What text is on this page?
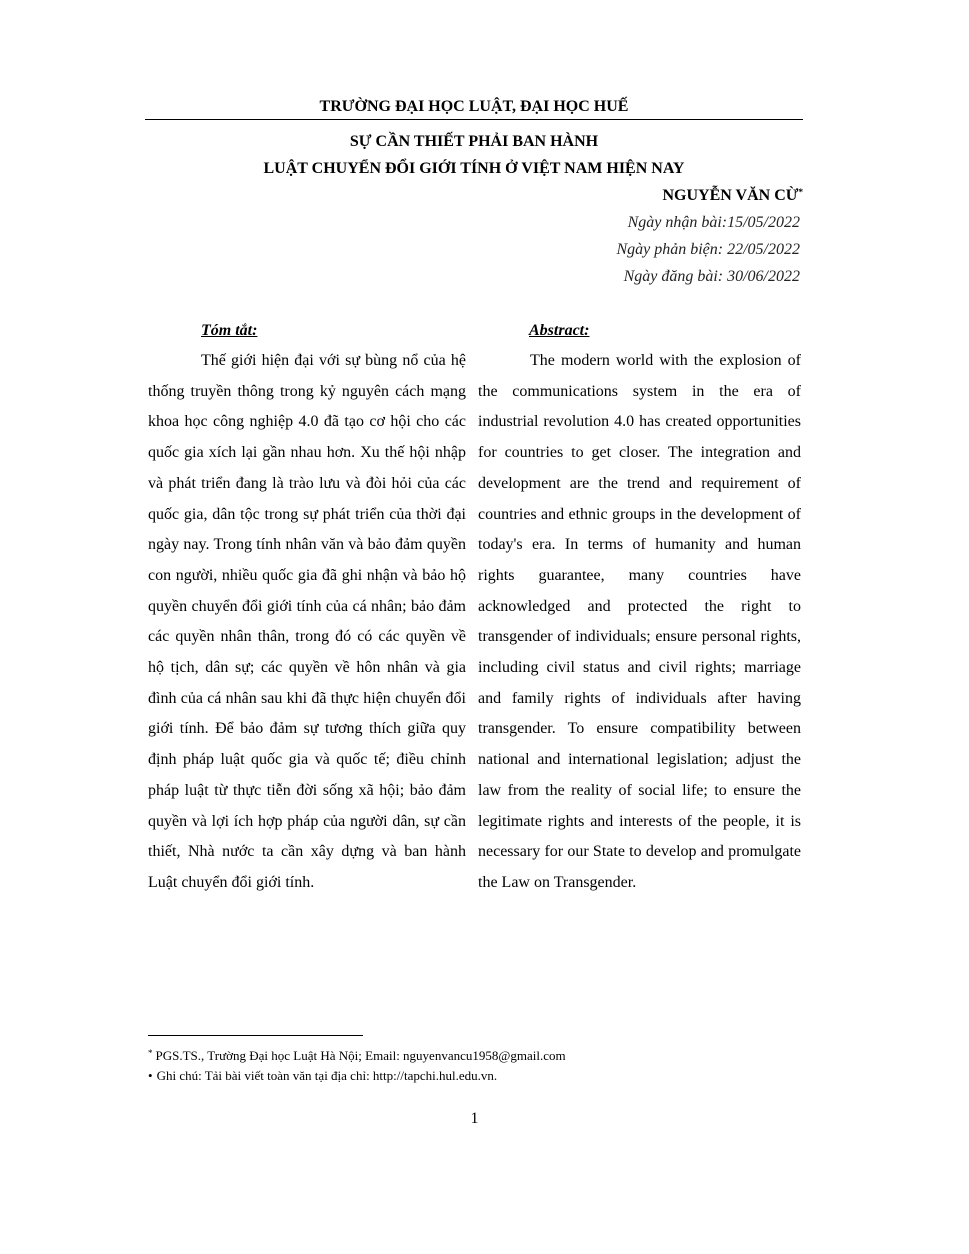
TRƯỜNG ĐẠI HỌC LUẬT, ĐẠI HỌC HUẾ
SỰ CẦN THIẾT PHẢI BAN HÀNH
LUẬT CHUYỂN ĐỔI GIỚI TÍNH Ở VIỆT NAM HIỆN NAY
NGUYỄN VĂN CỪ*
Ngày nhận bài:15/05/2022
Ngày phản biện: 22/05/2022
Ngày đăng bài: 30/06/2022
Tóm tắt:	Abstract:
Thế giới hiện đại với sự bùng nổ của hệ thống truyền thông trong kỷ nguyên cách mạng khoa học công nghiệp 4.0 đã tạo cơ hội cho các quốc gia xích lại gần nhau hơn. Xu thế hội nhập và phát triển đang là trào lưu và đòi hỏi của các quốc gia, dân tộc trong sự phát triển của thời đại ngày nay. Trong tính nhân văn và bảo đảm quyền con người, nhiều quốc gia đã ghi nhận và bảo hộ quyền chuyển đổi giới tính của cá nhân; bảo đảm các quyền nhân thân, trong đó có các quyền về hộ tịch, dân sự; các quyền về hôn nhân và gia đình của cá nhân sau khi đã thực hiện chuyển đổi giới tính. Để bảo đảm sự tương thích giữa quy định pháp luật quốc gia và quốc tế; điều chỉnh pháp luật từ thực tiễn đời sống xã hội; bảo đảm quyền và lợi ích hợp pháp của người dân, sự cần thiết, Nhà nước ta cần xây dựng và ban hành Luật chuyển đổi giới tính.
The modern world with the explosion of the communications system in the era of industrial revolution 4.0 has created opportunities for countries to get closer. The integration and development are the trend and requirement of countries and ethnic groups in the development of today's era. In terms of humanity and human rights guarantee, many countries have acknowledged and protected the right to transgender of individuals; ensure personal rights, including civil status and civil rights; marriage and family rights of individuals after having transgender. To ensure compatibility between national and international legislation; adjust the law from the reality of social life; to ensure the legitimate rights and interests of the people, it is necessary for our State to develop and promulgate the Law on Transgender.
* PGS.TS., Trường Đại học Luật Hà Nội; Email: nguyenvancu1958@gmail.com
• Ghi chú: Tải bài viết toàn văn tại địa chỉ: http://tapchi.hul.edu.vn.
1
